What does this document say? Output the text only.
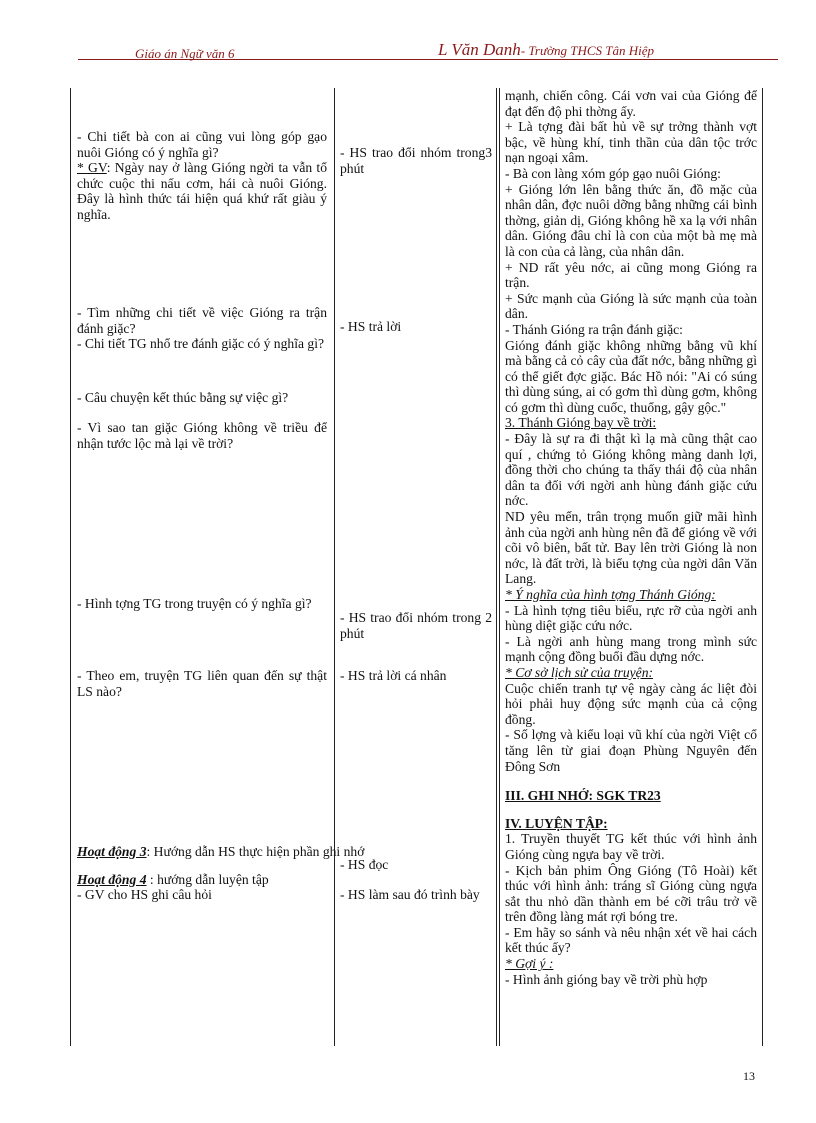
Giáo án Ngữ văn 6	L Văn Danh- Trường THCS Tân Hiệp

- Chi tiết bà con ai cũng vui lòng góp gạo nuôi Gióng có ý nghĩa gì?

* GV: Ngày nay ở làng Gióng ngời ta vẫn tổ chức cuộc thi nấu cơm, hái cà nuôi Gióng. Đây là hình thức tái hiện quá khứ rất giàu ý nghĩa.

- Tìm những chi tiết về việc Gióng ra trận đánh giặc?

- Chi tiết TG nhổ tre đánh giặc có ý nghĩa gì?

- Câu chuyện kết thúc bằng sự việc gì?

- Vì sao tan giặc Gióng không về triều để nhận tước lộc mà lại về trời?

- Hình tợng TG trong truyện có ý nghĩa gì?

- Theo em, truyện TG liên quan đến sự thật LS nào?

- HS trao đổi nhóm trong3 phút

- HS trả lời

- HS trao đổi nhóm trong 2 phút

- HS trả lời cá nhân

- HS đọc

- HS làm sau đó trình bày

Hoạt động 3: Hướng dẫn HS thực hiện phần ghi nhớ
Hoạt động 4 : hướng dẫn luyện tập
- GV cho HS ghi câu hỏi

mạnh, chiến công. Cái vơn vai của Gióng để đạt đến độ phi thờng ấy.

+ Là tợng đài bất hủ về sự trởng thành vợt bậc, về hùng khí, tinh thần của dân tộc trớc nạn ngoại xâm.

- Bà con làng xóm góp gạo nuôi Gióng:

+ Gióng lớn lên bằng thức ăn, đồ mặc của nhân dân, đợc nuôi dỡng bằng những cái bình thờng, giản dị, Gióng không hề xa lạ với nhân dân. Gióng đâu chỉ là con của một bà mẹ mà là con của cả làng, của nhân dân.

+ ND rất yêu nớc, ai cũng mong Gióng ra trận.

+ Sức mạnh của Gióng là sức mạnh của toàn dân.

- Thánh Gióng ra trận đánh giặc:

Gióng đánh giặc không những bằng vũ khí mà bằng cả cỏ cây của đất nớc, bằng những gì có thể giết đợc giặc. Bác Hồ nói: "Ai có súng thì dùng súng, ai có gơm thì dùng gơm, không có gơm thì dùng cuốc, thuổng, gậy gộc."

3. Thánh Gióng bay về trời:

- Đây là sự ra đi thật kì lạ mà cũng thật cao quí , chứng tỏ Gióng không màng danh lợi, đồng thời cho chúng ta thấy thái độ của nhân dân ta đối với ngời anh hùng đánh giặc cứu nớc.

ND yêu mến, trân trọng muốn giữ mãi hình ảnh của ngời anh hùng nên đã để gióng về với cõi vô biên, bất tử. Bay lên trời Gióng là non nớc, là đất trời, là biểu tợng của ngời dân Văn Lang.

* Ý nghĩa của hình tợng Thánh Gióng:

- Là hình tợng tiêu biểu, rực rỡ của ngời anh hùng diệt giặc cứu nớc.

- Là ngời anh hùng mang trong mình sức mạnh cộng đồng buổi đầu dựng nớc.

* Cơ sở lịch sử của truyện:

Cuộc chiến tranh tự vệ ngày càng ác liệt đòi hỏi phải huy động sức mạnh của cả cộng đồng.

- Số lợng và kiểu loại vũ khí của ngời Việt cổ tăng lên từ giai đoạn Phùng Nguyên đến Đông Sơn

III. GHI NHỚ: SGK TR23

IV. LUYỆN TẬP:

1. Truyền thuyết TG kết thúc với hình ảnh Gióng cùng ngựa bay về trời.

- Kịch bản phim Ông Gióng (Tô Hoài) kết thúc với hình ảnh: tráng sĩ Gióng cùng ngựa sắt thu nhỏ dần thành em bé cỡi trâu trở về trên đồng làng mát rợi bóng tre.

- Em hãy so sánh và nêu nhận xét về hai cách kết thúc ấy?

* Gợi ý :

- Hình ảnh gióng bay về trời phù hợp

13
